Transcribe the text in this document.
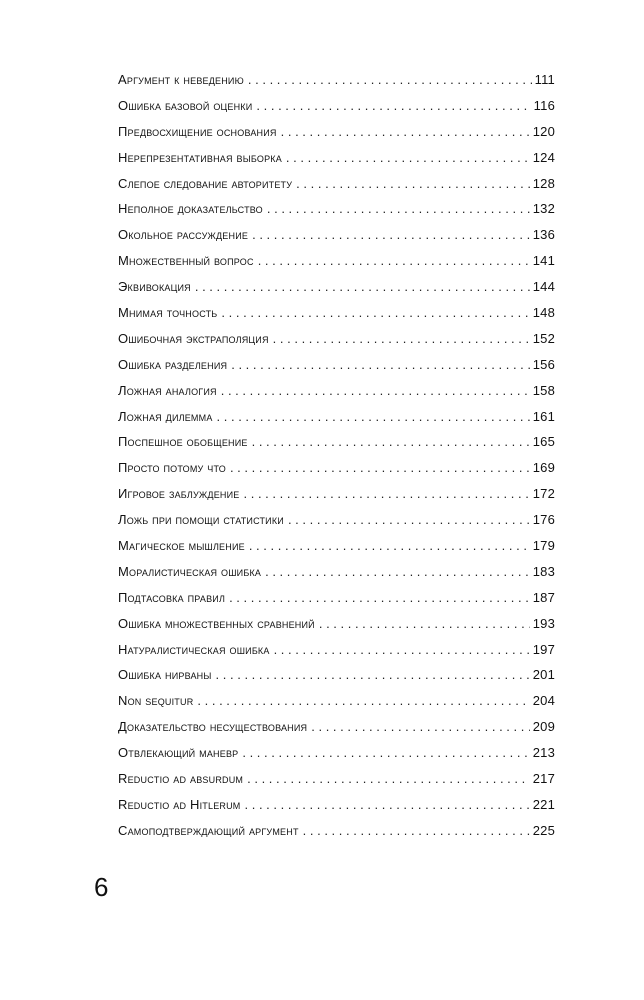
Аргумент к неведению . . .	111
Ошибка базовой оценки . . .	116
Предвосхищение основания . . .	120
Нерепрезентативная выборка . . .	124
Слепое следование авторитету . . .	128
Неполное доказательство . . .	132
Окольное рассуждение . . .	136
Множественный вопрос . . .	141
Эквивокация . . .	144
Мнимая точность . . .	148
Ошибочная экстраполяция . . .	152
Ошибка разделения . . .	156
Ложная аналогия . . .	158
Ложная дилемма . . .	161
Поспешное обобщение . . .	165
Просто потому что . . .	169
Игровое заблуждение . . .	172
Ложь при помощи статистики . . .	176
Магическое мышление . . .	179
Моралистическая ошибка . . .	183
Подтасовка правил . . .	187
Ошибка множественных сравнений . . .	193
Натуралистическая ошибка . . .	197
Ошибка нирваны . . .	201
Non sequitur . . .	204
Доказательство несуществования . . .	209
Отвлекающий маневр . . .	213
Reductio ad absurdum . . .	217
Reductio ad Hitlerum . . .	221
Самоподтверждающий аргумент . . .	225
6
